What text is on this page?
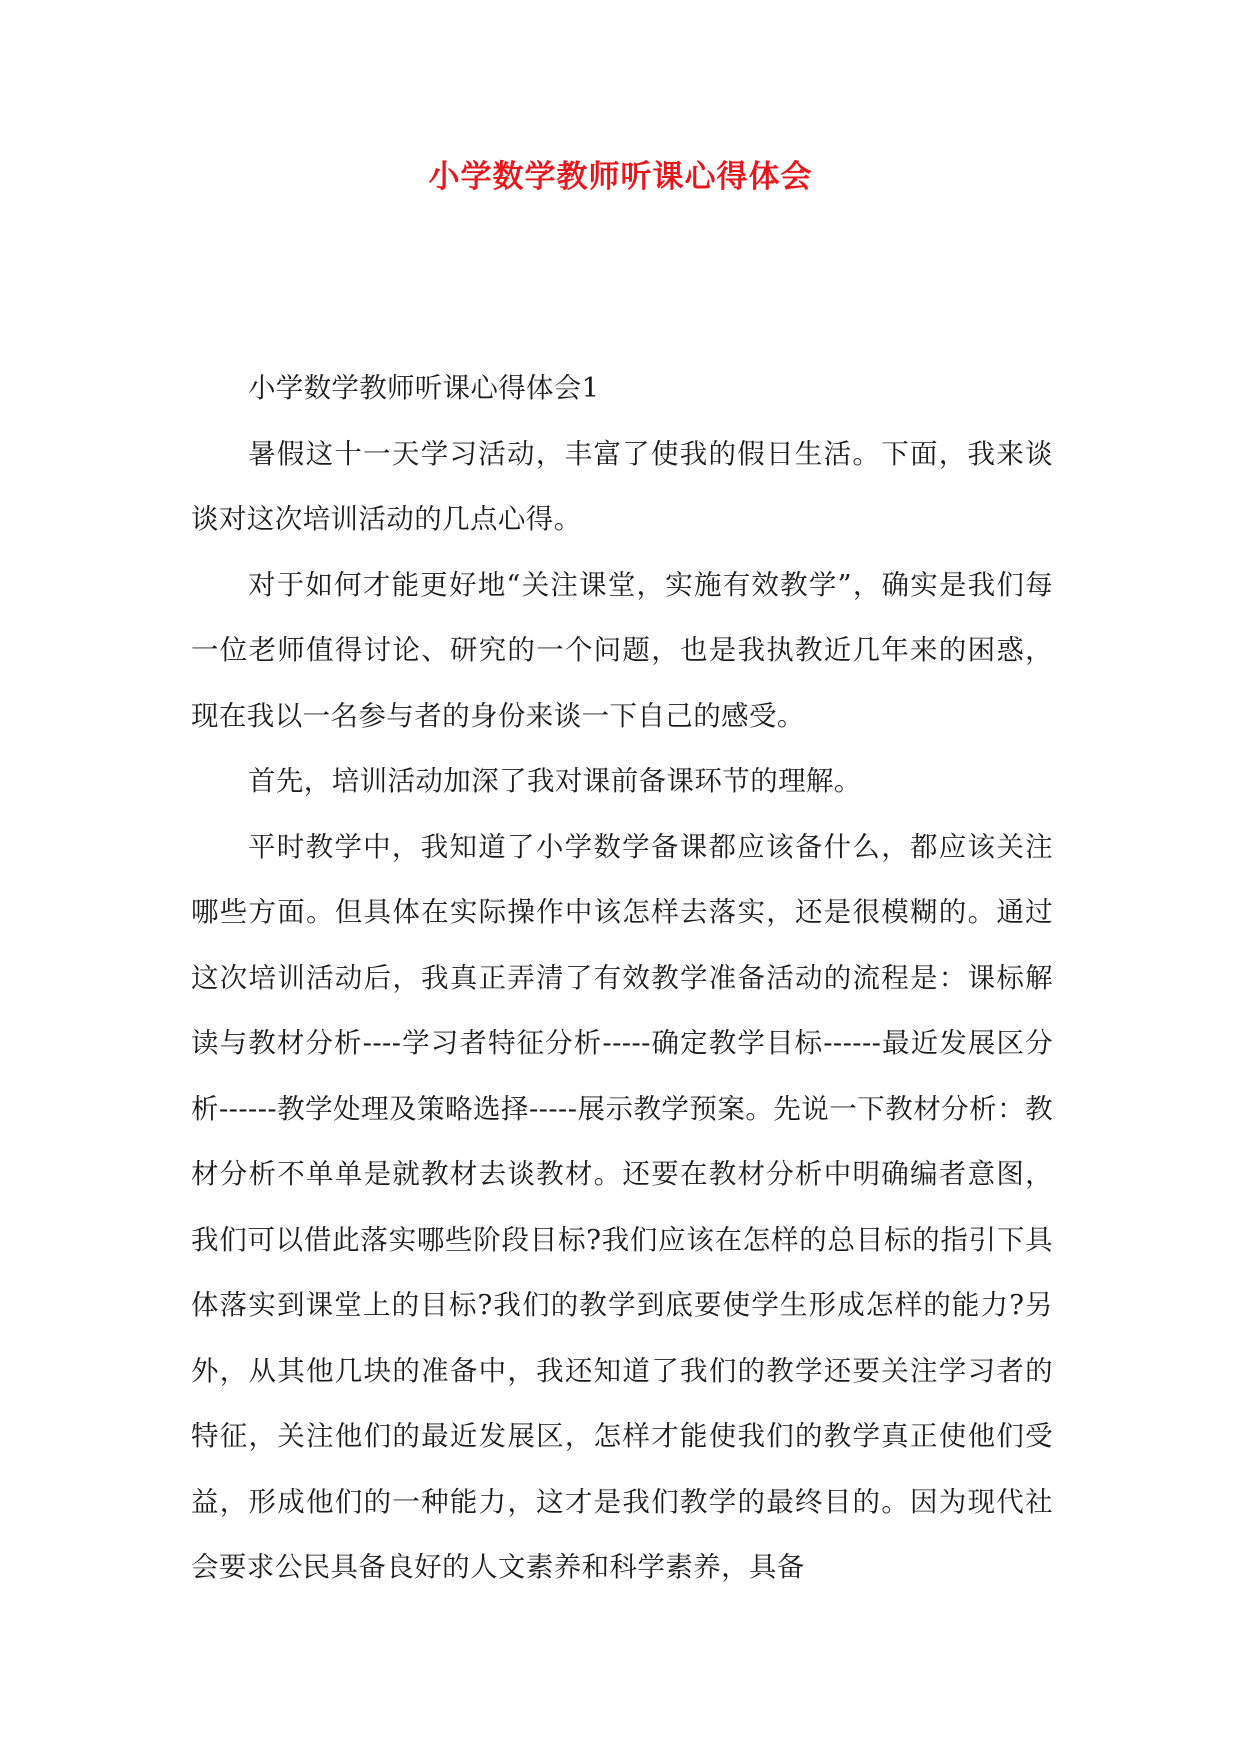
小学数学教师听课心得体会

小学数学教师听课心得体会1

暑假这十一天学习活动，丰富了使我的假日生活。下面，我来谈谈对这次培训活动的几点心得。

对于如何才能更好地“关注课堂，实施有效教学”，确实是我们每一位老师值得讨论、研究的一个问题，也是我执教近几年来的困惑，现在我以一名参与者的身份来谈一下自己的感受。

首先，培训活动加深了我对课前备课环节的理解。

平时教学中，我知道了小学数学备课都应该备什么，都应该关注哪些方面。但具体在实际操作中该怎样去落实，还是很模糊的。通过这次培训活动后，我真正弄清了有效教学准备活动的流程是：课标解读与教材分析----学习者特征分析-----确定教学目标------最近发展区分析------教学处理及策略选择-----展示教学预案。先说一下教材分析：教材分析不单单是就教材去谈教材。还要在教材分析中明确编者意图，我们可以借此落实哪些阶段目标?我们应该在怎样的总目标的指引下具体落实到课堂上的目标?我们的教学到底要使学生形成怎样的能力?另外，从其他几块的准备中，我还知道了我们的教学还要关注学习者的特征，关注他们的最近发展区，怎样才能使我们的教学真正使他们受益，形成他们的一种能力，这才是我们教学的最终目的。因为现代社会要求公民具备良好的人文素养和科学素养，具备
